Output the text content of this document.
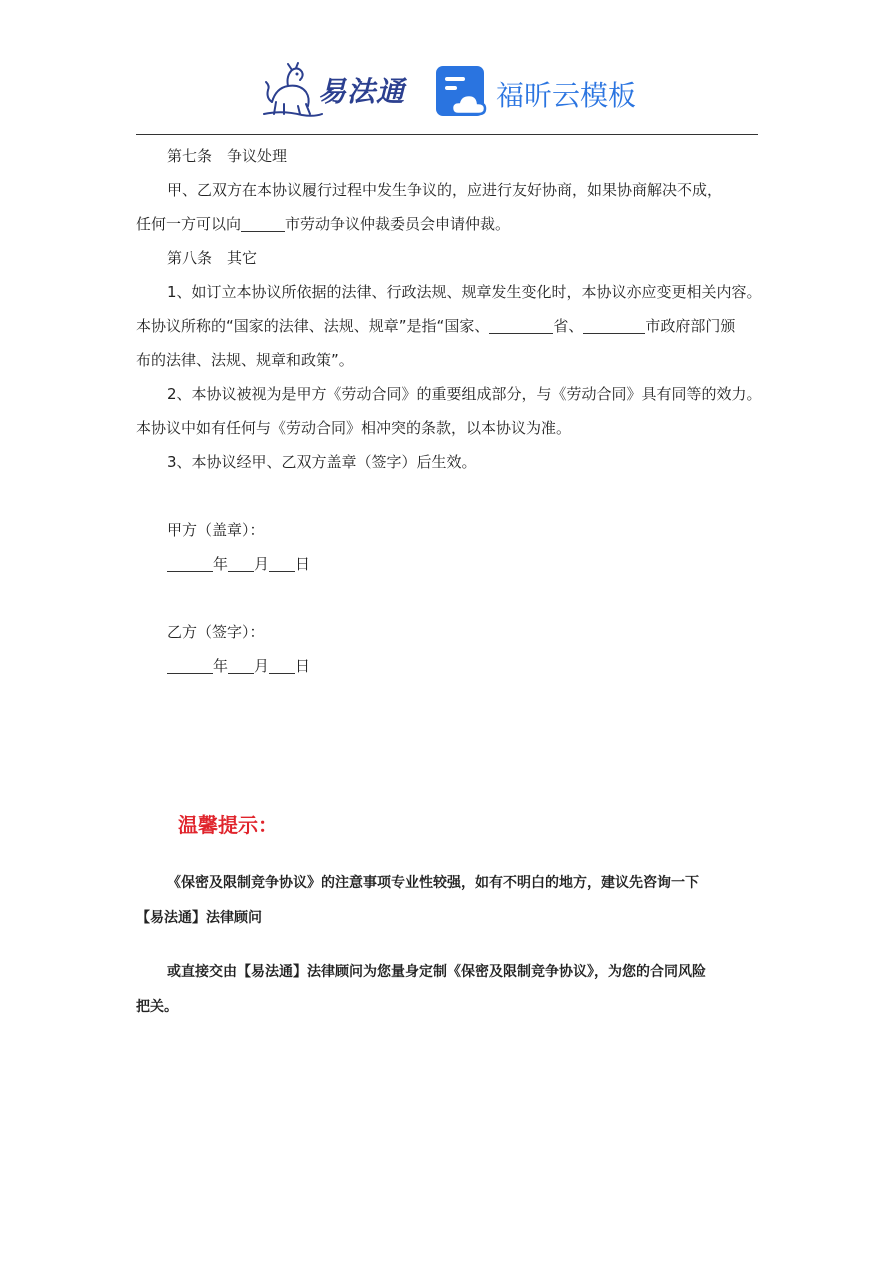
易法通	福昕云模板
第七条　争议处理
甲、乙双方在本协议履行过程中发生争议的，应进行友好协商，如果协商解决不成，
任何一方可以向	市劳动争议仲裁委员会申请仲裁。
第八条　其它
1、如订立本协议所依据的法律、行政法规、规章发生变化时，本协议亦应变更相关内容。
本协议所称的“国家的法律、法规、规章”是指“国家、	省、	市政府部门颁
布的法律、法规、规章和政策”。
2、本协议被视为是甲方《劳动合同》的重要组成部分，与《劳动合同》具有同等的效力。
本协议中如有任何与《劳动合同》相冲突的条款，以本协议为准。
3、本协议经甲、乙双方盖章（签字）后生效。
甲方（盖章）：
年 月 日
乙方（签字）：
年 月 日
温馨提示：
《保密及限制竞争协议》的注意事项专业性较强，如有不明白的地方，建议先咨询一下
【易法通】法律顾问
或直接交由【易法通】法律顾问为您量身定制《保密及限制竞争协议》，为您的合同风险
把关。
